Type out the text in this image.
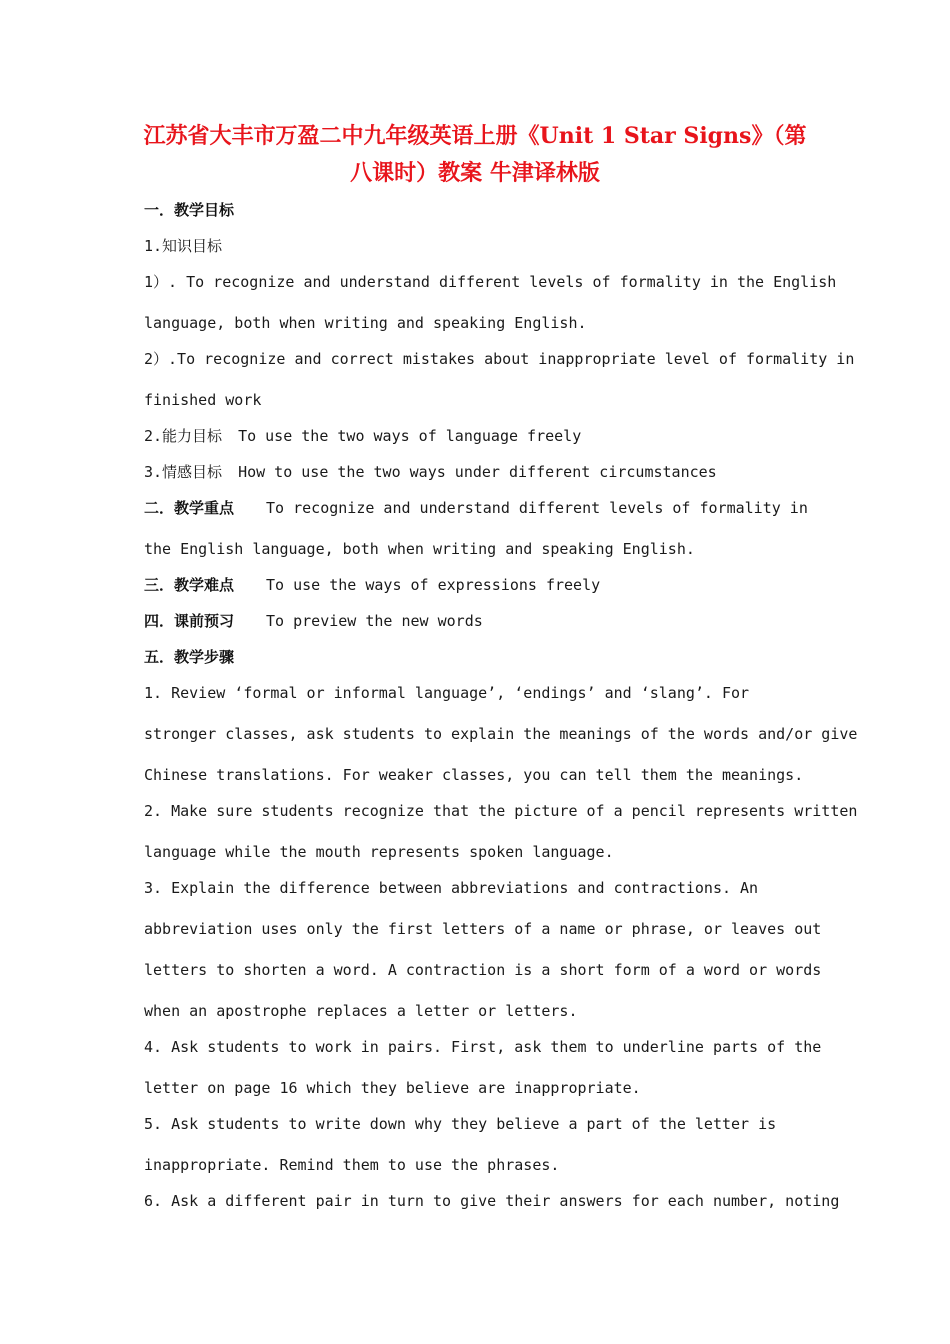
江苏省大丰市万盈二中九年级英语上册《Unit 1 Star Signs》（第
八课时）教案 牛津译林版
一．教学目标
1.知识目标
1）. To recognize and understand different levels of formality in the English
language, both when writing and speaking English.
2）.To recognize and correct mistakes about inappropriate level of formality in
finished work
2.能力目标 To use the two ways of language freely
3.情感目标 How to use the two ways under different circumstances
二．教学重点 To recognize and understand different levels of formality in
the English language, both when writing and speaking English.
三．教学难点 To use the ways of expressions freely
四．课前预习 To preview the new words
五．教学步骤
1. Review ‘formal or informal language’, ‘endings’ and ‘slang’. For
stronger classes, ask students to explain the meanings of the words and/or give
Chinese translations. For weaker classes, you can tell them the meanings.
2. Make sure students recognize that the picture of a pencil represents written
language while the mouth represents spoken language.
3. Explain the difference between abbreviations and contractions. An
abbreviation uses only the first letters of a name or phrase, or leaves out
letters to shorten a word. A contraction is a short form of a word or words
when an apostrophe replaces a letter or letters.
4. Ask students to work in pairs. First, ask them to underline parts of the
letter on page 16 which they believe are inappropriate.
5. Ask students to write down why they believe a part of the letter is
inappropriate. Remind them to use the phrases.
6. Ask a different pair in turn to give their answers for each number, noting
